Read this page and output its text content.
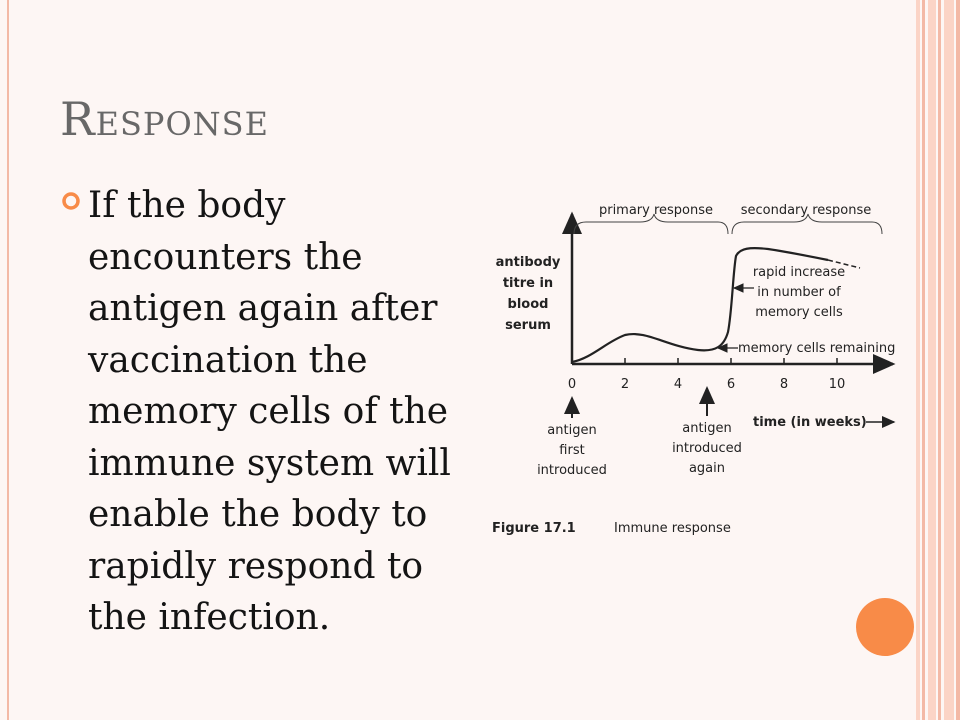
Response

If the body encounters the antigen again after vaccination the memory cells of the immune system will enable the body to rapidly respond to the infection.

0	2	4	6	8	10
antibody
titre in
blood
serum
primary response secondary response
rapid increase
in number of
memory cells
memory cells remaining
antigen
first
introduced
antigen
introduced
again
time (in weeks)
Figure 17.1	Immune response
